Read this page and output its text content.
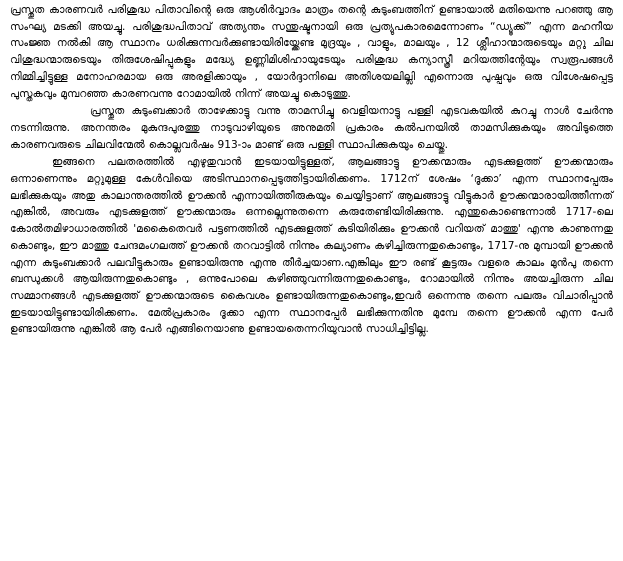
പ്രസ്തുത കാരണവർ പരിശുദ്ധ പിതാവിന്റെ ഒരു ആശിർവ്വാദം മാത്രം തന്റെ കുടുംബത്തിന് ഉണ്ടായാൽ മതിയെന്നു പറഞ്ഞു ആ സംഘ്യ മടക്കി അയച്ചു. പരിശുദ്ധപിതാവ് അത്യന്തം സന്തുഷ്ടനായി ഒരു പ്രത്യുപകാരമെന്നോണം “ഡ്യൂക്ക്” എന്ന മഹനീയ സംജ്ഞ നൽകി ആ സ്ഥാനം ധരിക്കുന്നവർക്കുണ്ടായിരിയ്ക്കേണ്ട മുദ്രയും , വാളും, മാലയും , 12 ശ്ലീഹാന്മാരുടെയും മറ്റു ചില വിശുദ്ധന്മാരുടെയും തിരുശേഷിപ്പുകളും മദ്ധ്യേ ഉണ്ണിമിശിഹായുടേയും പരിശുദ്ധ കന്യാസ്ത്രീ മറിയത്തിന്റേയും സ്വരൂപങ്ങൾ നിമ്മിച്ചിട്ടുള്ള മനോഹരമായ ഒരു അരളിക്കായും , യോർദ്ദാനിലെ അതിശയലില്ലി എന്നൊരു പുഷ്പവും ഒരു വിശേഷപ്പെട്ട പുസ്തകവും മുമ്പറഞ്ഞ കാരണവന്നു റോമായിൽ നിന്ന് അയച്ചു കൊടുത്തു.

പ്രസ്തുത കുടുംബക്കാർ താഴേക്കാട്ടു വന്നു താമസിച്ചു വെളിയനാട്ടു പള്ളി എടവകയിൽ കുറച്ചു നാൾ ചേർന്നു നടന്നിരുന്നു. അനന്തരം മുകുന്ദപുരത്തു നാടുവാഴിയുടെ അനുമതി പ്രകാരം കൽപനയിൽ താമസിക്കുകയും അവിടുത്തെ കാരണവരുടെ ചിലവിന്മേൽ കൊല്ലവർഷം 913-ാം മാണ്ട് ഒരു പള്ളി സ്ഥാപിക്കുകയും ചെയ്തു.

ഇങ്ങനെ പലതരത്തിൽ എഴുതുവാൻ ഇടയായിട്ടുള്ളത്, ആലങ്ങാട്ടു ഊക്കന്മാരും എടക്കുളത്ത് ഊക്കന്മാരും ഒന്നാണെന്നും മറ്റുമുള്ള കേൾവിയെ അടിസ്ഥാനപ്പെടുത്തിട്ടായിരിക്കണം. 1712ന് ശേഷം ‘ദൂക്കാ’ എന്ന സ്ഥാനപ്പേരും ലഭിക്കുകയും അതു കാലാന്തരത്തിൽ ഊക്കൻ എന്നായിത്തീരുകയും ചെയ്യിട്ടാണ് ആലങ്ങാട്ടു വീട്ടുകാർ ഊക്കന്മാരായിത്തീന്നത് എങ്കിൽ, അവരും എടക്കുളത്ത് ഊക്കന്മാരും ഒന്നല്ലെന്നുതന്നെ കരുതേണ്ടിയിരിക്കുന്നു. എന്തുകൊണ്ടെന്നാൽ 1717-ലെ കോൽതമിഴാധാരത്തിൽ 'മകൈതെവർ പട്ടണത്തിൽ എടക്കുളത്ത് കുടിയിരിക്കും ഊക്കൻ വറിയത് മാത്തു' എന്നു കാണുന്നതു കൊണ്ടും, ഈ മാത്തു ചേന്ദമംഗലത്ത് ഊക്കൻ തറവാട്ടിൽ നിന്നും കല്യാണം കഴിച്ചിരുന്നതുകൊണ്ടും, 1717-നു മുമ്പായി ഊക്കൻ എന്ന കുടുംബക്കാർ പലവീട്ടുകാരും ഉണ്ടായിരുന്നു എന്നു തീർച്ചയാണ.എങ്കിലും ഈ രണ്ട് കൂട്ടരും വളരെ കാലം മുൻപു തന്നെ ബന്ധുക്കൾ ആയിരുന്നതുകൊണ്ടും , ഒന്നുപോലെ കഴിഞ്ഞുവന്നിരുന്നതുകൊണ്ടും, റോമായിൽ നിന്നും അയച്ചിരുന്ന ചില സമ്മാനങ്ങൾ എടക്കുളത്ത് ഊക്കന്മാരുടെ കൈവശം ഉണ്ടായിരുന്നതുകൊണ്ടും,ഇവർ ഒന്നെന്നു തന്നെ പലരും വിചാരിപ്പാൻ ഇടയായിട്ടുണ്ടായിരിക്കണം. മേൽപ്രകാരം ദൂക്കാ എന്ന സ്ഥാനപ്പേർ ലഭിക്കുന്നതിനു മുമ്പേ തന്നെ ഊക്കൻ എന്ന പേർ ഉണ്ടായിരുന്നു എങ്കിൽ ആ പേർ എങ്ങിനെയാണു ഉണ്ടായതെന്നറിയുവാൻ സാധിച്ചിട്ടില്ല.
